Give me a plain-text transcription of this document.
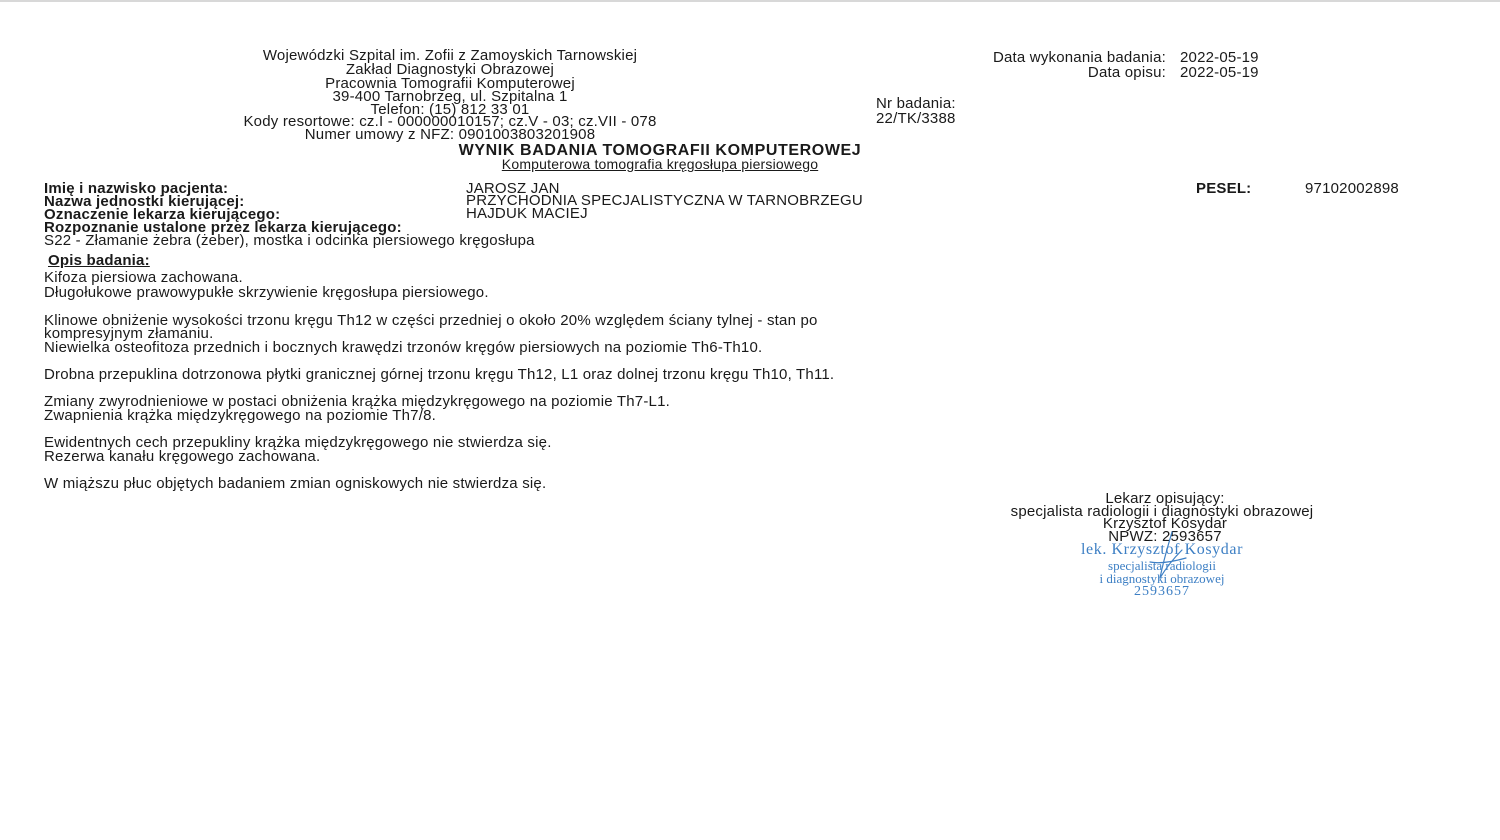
Wojewódzki Szpital im. Zofii z Zamoyskich Tarnowskiej
Zakład Diagnostyki Obrazowej
Pracownia Tomografii Komputerowej
39-400 Tarnobrzeg, ul. Szpitalna 1
Telefon: (15) 812 33 01
Kody resortowe: cz.I - 000000010157; cz.V - 03; cz.VII - 078
Numer umowy z NFZ: 0901003803201908
Data wykonania badania: 2022-05-19
Data opisu: 2022-05-19
Nr badania:
22/TK/3388
WYNIK BADANIA TOMOGRAFII KOMPUTEROWEJ
Komputerowa tomografia kręgosłupa piersiowego
Imię i nazwisko pacjenta:	JAROSZ JAN	PESEL:	97102002898
Nazwa jednostki kierującej:	PRZYCHODNIA SPECJALISTYCZNA W TARNOBRZEGU
Oznaczenie lekarza kierującego:	HAJDUK MACIEJ
Rozpoznanie ustalone przez lekarza kierującego:
S22 - Złamanie żebra (żeber), mostka i odcinka piersiowego kręgosłupa
Opis badania:
Kifoza piersiowa zachowana.
Długołukowe prawowypukłe skrzywienie kręgosłupa piersiowego.
Klinowe obniżenie wysokości trzonu kręgu Th12 w części przedniej o około 20% względem ściany tylnej - stan po
kompresyjnym złamaniu.
Niewielka osteofitoza przednich i bocznych krawędzi trzonów kręgów piersiowych na poziomie Th6-Th10.
Drobna przepuklina dotrzonowa płytki granicznej górnej trzonu kręgu Th12, L1 oraz dolnej trzonu kręgu Th10, Th11.
Zmiany zwyrodnieniowe w postaci obniżenia krążka międzykręgowego na poziomie Th7-L1.
Zwapnienia krążka międzykręgowego na poziomie Th7/8.
Ewidentnych cech przepukliny krążka międzykręgowego nie stwierdza się.
Rezerwa kanału kręgowego zachowana.
W miąższu płuc objętych badaniem zmian ogniskowych nie stwierdza się.
Lekarz opisujący:
specjalista radiologii i diagnostyki obrazowej
Krzysztof Kosydar
NPWZ: 2593657
lek. Krzysztof Kosydar
specjalista radiologii
i diagnostyki obrazowej
2593657
